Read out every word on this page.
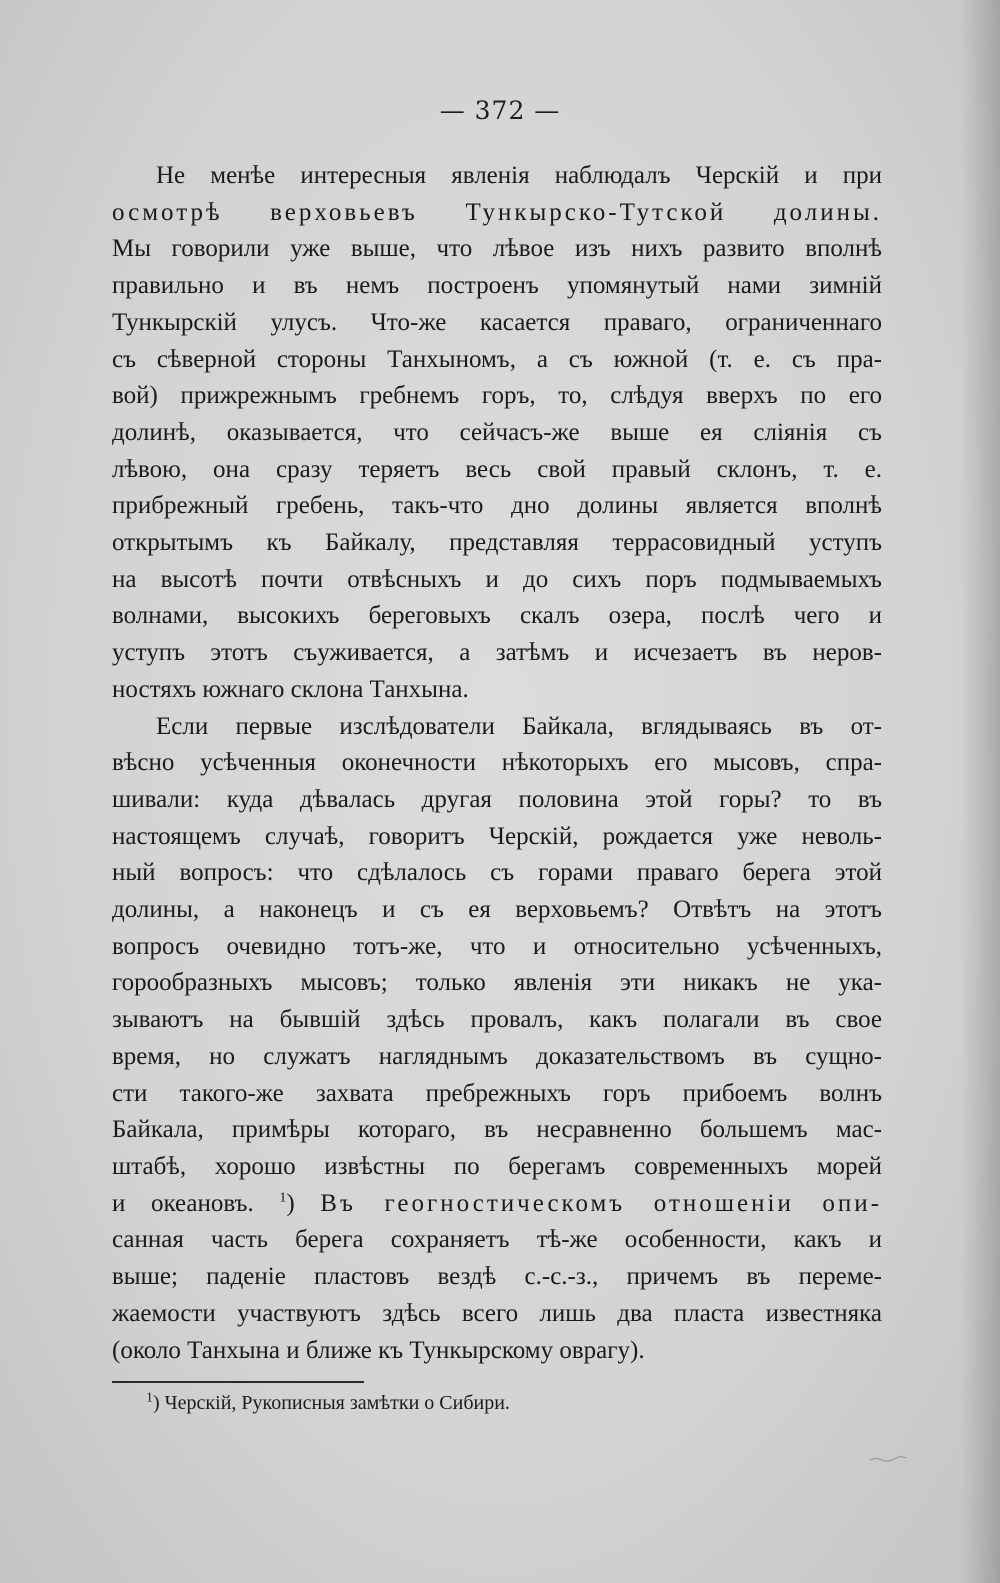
— 372 —
Не менѣе интересныя явленія наблюдалъ Черскій и при
осмотрѣ верховьевъ Тункырско-Тутской долины.
Мы говорили уже выше, что лѣвое изъ нихъ развито вполнѣ
правильно и въ немъ построенъ упомянутый нами зимній
Тункырскій улусъ. Что-же касается праваго, ограниченнаго
съ сѣверной стороны Танхыномъ, а съ южной (т. е. съ пра-
вой) прижрежнымъ гребнемъ горъ, то, слѣдуя вверхъ по его
долинѣ, оказывается, что сейчасъ-же выше ея сліянія съ
лѣвою, она сразу теряетъ весь свой правый склонъ, т. е.
прибрежный гребень, такъ-что дно долины является вполнѣ
открытымъ къ Байкалу, представляя террасовидный уступъ
на высотѣ почти отвѣсныхъ и до сихъ поръ подмываемыхъ
волнами, высокихъ береговыхъ скалъ озера, послѣ чего и
уступъ этотъ съуживается, а затѣмъ и исчезаетъ въ неров-
ностяхъ южнаго склона Танхына.
Если первые изслѣдователи Байкала, вглядываясь въ от-
вѣсно усѣченныя оконечности нѣкоторыхъ его мысовъ, спра-
шивали: куда дѣвалась другая половина этой горы? то въ
настоящемъ случаѣ, говоритъ Черскій, рождается уже неволь-
ный вопросъ: что сдѣлалось съ горами праваго берега этой
долины, а наконецъ и съ ея верховьемъ? Отвѣтъ на этотъ
вопросъ очевидно тотъ-же, что и относительно усѣченныхъ,
горообразныхъ мысовъ; только явленія эти никакъ не ука-
зываютъ на бывшій здѣсь провалъ, какъ полагали въ свое
время, но служатъ нагляднымъ доказательствомъ въ сущно-
сти такого-же захвата пребрежныхъ горъ прибоемъ волнъ
Байкала, примѣры котораго, въ несравненно большемъ мас-
штабѣ, хорошо извѣстны по берегамъ современныхъ морей
и океановъ. $^1$) Въ геогностическомъ отношеніи опи-
санная часть берега сохраняетъ тѣ-же особенности, какъ и
выше; паденіе пластовъ вездѣ с.-с.-з., причемъ въ переме-
жаемости участвуютъ здѣсь всего лишь два пласта известняка
(около Танхына и ближе къ Тункырскому оврагу).
$^1$) Черскій, Рукописныя замѣтки о Сибири.
